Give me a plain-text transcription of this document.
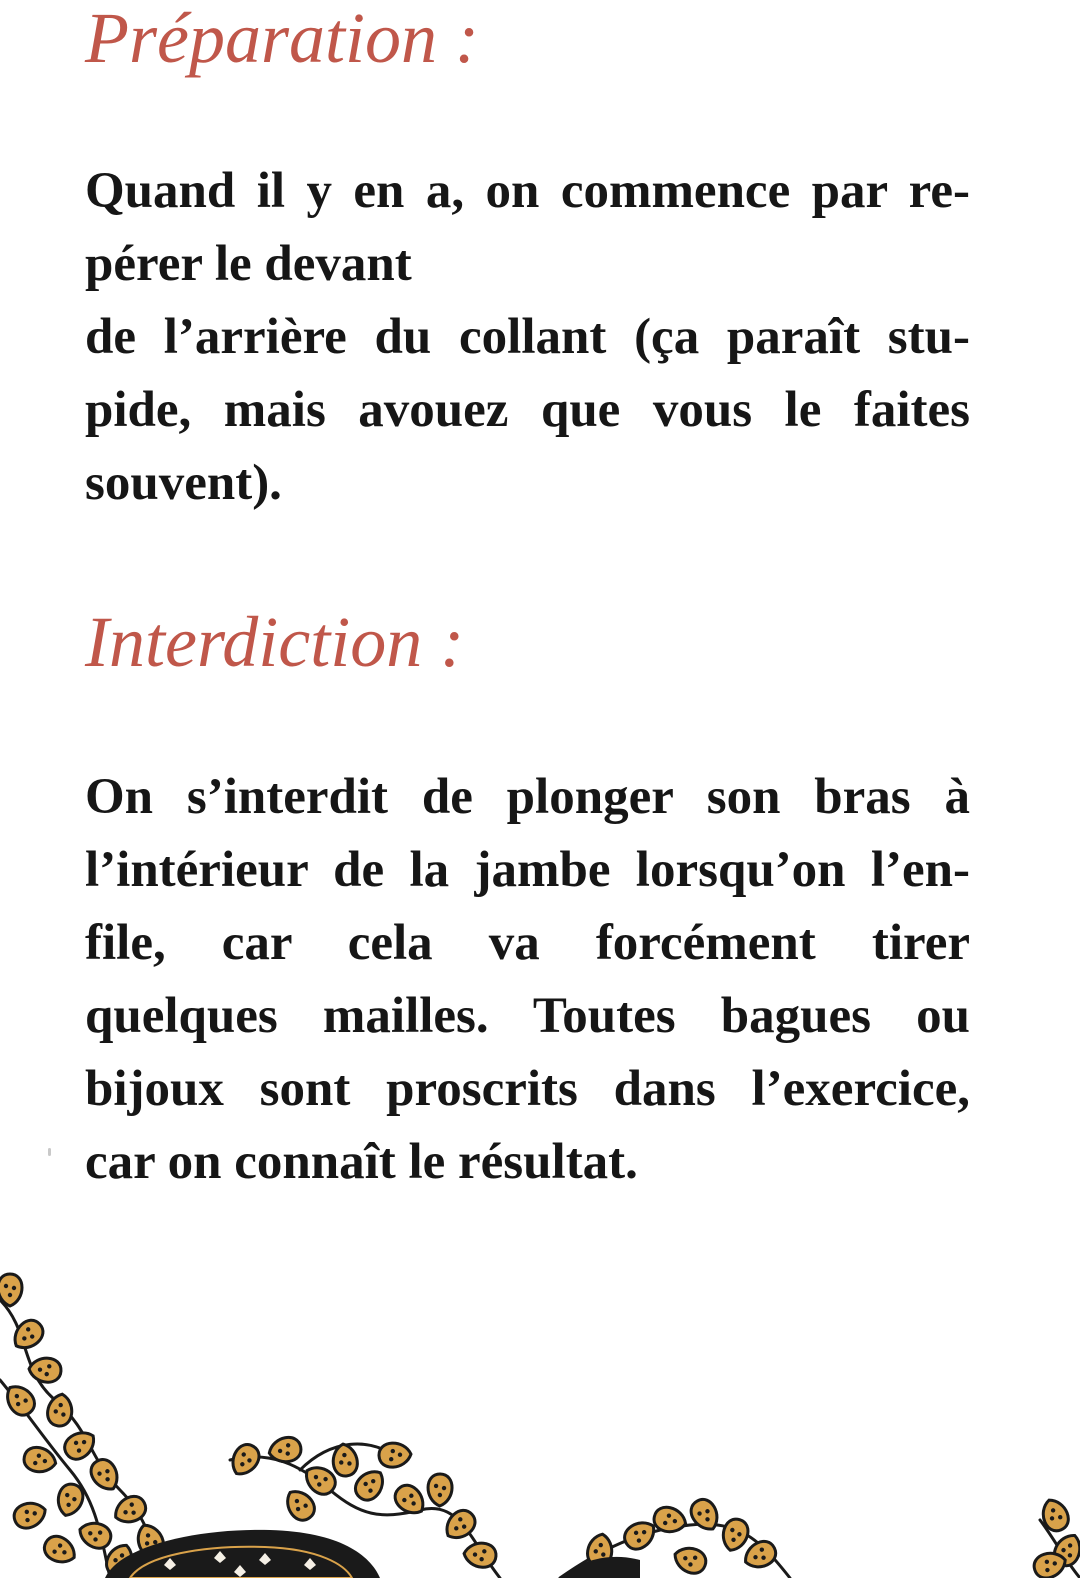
Préparation :

Quand il y en a, on commence par re-
pérer le devant
de l’arrière du collant (ça paraît stu-
pide, mais avouez que vous le faites
souvent).

Interdiction :

On s’interdit de plonger son bras à
l’intérieur de la jambe lorsqu’on l’en-
file, car cela va forcément tirer
quelques mailles. Toutes bagues ou
bijoux sont proscrits dans l’exercice,
car on connaît le résultat.
